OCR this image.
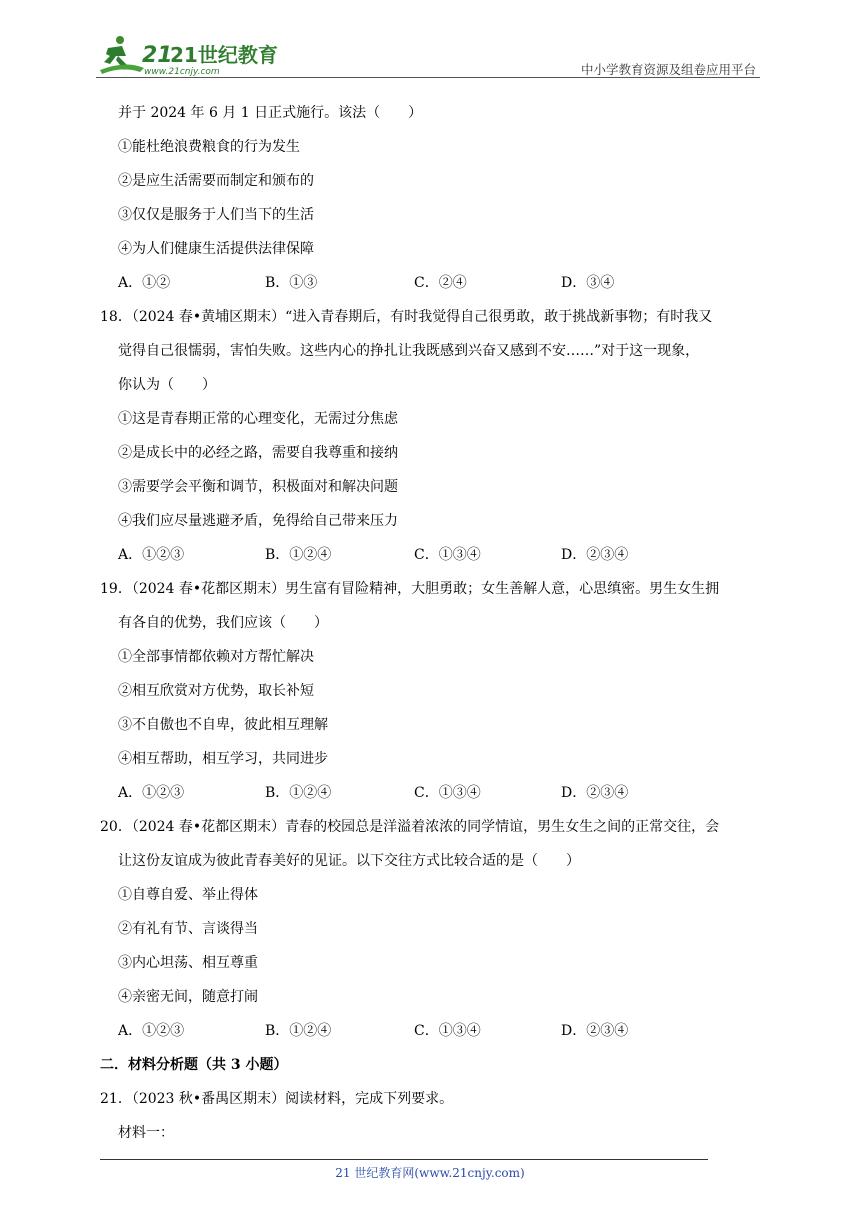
21
21世纪教育
www.21cnjy.com	中小学教育资源及组卷应用平台
并于 2024 年 6 月 1 日正式施行。该法（　　）
①能杜绝浪费粮食的行为发生
②是应生活需要而制定和颁布的
③仅仅是服务于人们当下的生活
④为人们健康生活提供法律保障
A．①②	B．①③	C．②④	D．③④
18．（2024 春•黄埔区期末）“进入青春期后，有时我觉得自己很勇敢，敢于挑战新事物；有时我又
觉得自己很懦弱，害怕失败。这些内心的挣扎让我既感到兴奋又感到不安……”对于这一现象，
你认为（　　）
①这是青春期正常的心理变化，无需过分焦虑
②是成长中的必经之路，需要自我尊重和接纳
③需要学会平衡和调节，积极面对和解决问题
④我们应尽量逃避矛盾，免得给自己带来压力
A．①②③	B．①②④	C．①③④	D．②③④
19．（2024 春•花都区期末）男生富有冒险精神，大胆勇敢；女生善解人意，心思缜密。男生女生拥
有各自的优势，我们应该（　　）
①全部事情都依赖对方帮忙解决
②相互欣赏对方优势，取长补短
③不自傲也不自卑，彼此相互理解
④相互帮助，相互学习，共同进步
A．①②③	B．①②④	C．①③④	D．②③④
20．（2024 春•花都区期末）青春的校园总是洋溢着浓浓的同学情谊，男生女生之间的正常交往，会
让这份友谊成为彼此青春美好的见证。以下交往方式比较合适的是（　　）
①自尊自爱、举止得体
②有礼有节、言谈得当
③内心坦荡、相互尊重
④亲密无间，随意打闹
A．①②③	B．①②④	C．①③④	D．②③④
二．材料分析题（共 3 小题）
21．（2023 秋•番禺区期末）阅读材料，完成下列要求。
材料一：
21 世纪教育网(www.21cnjy.com)
